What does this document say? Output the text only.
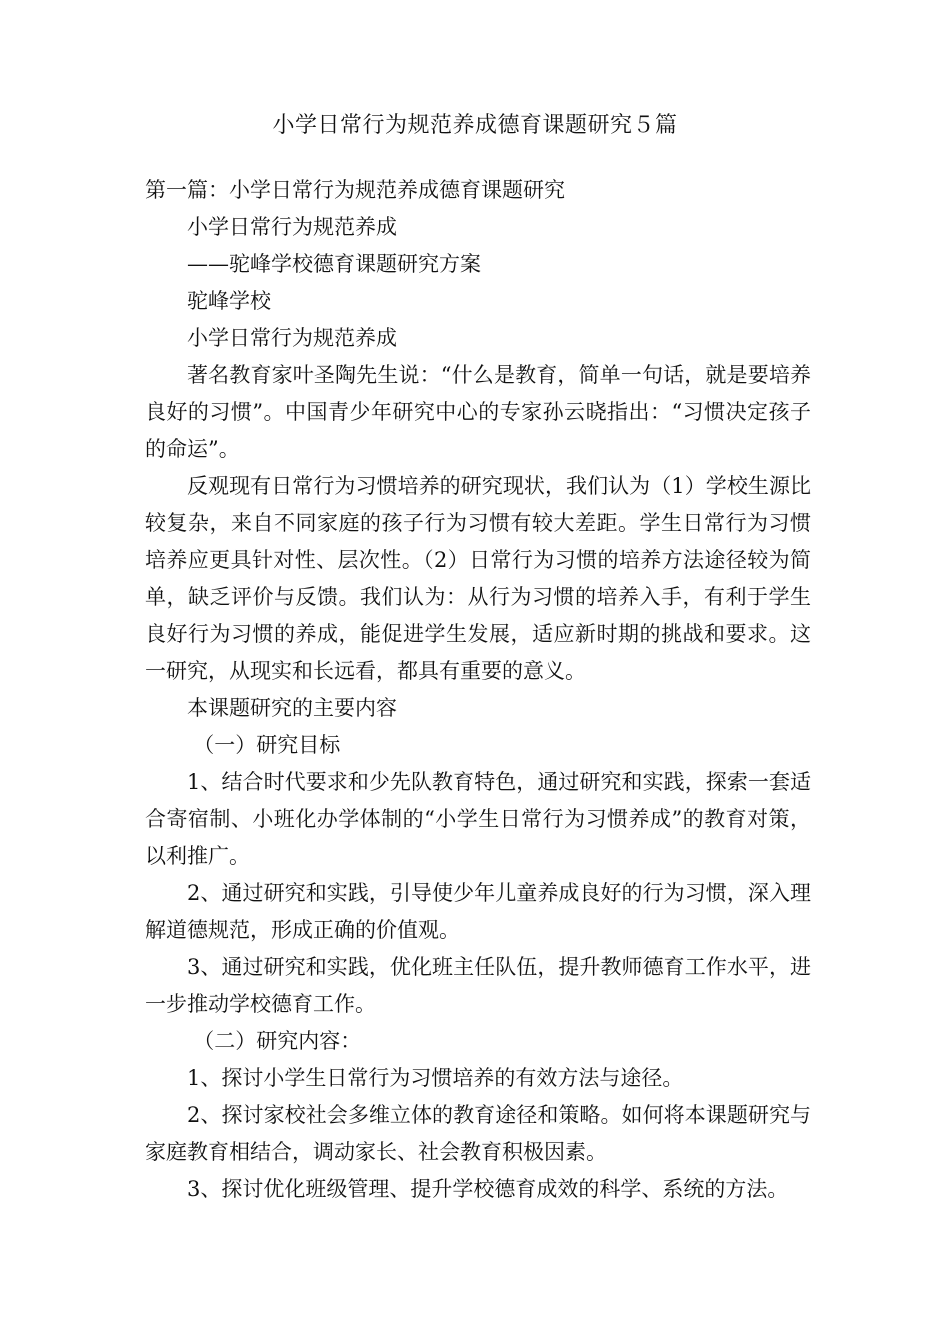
小学日常行为规范养成德育课题研究５篇

第一篇：小学日常行为规范养成德育课题研究

小学日常行为规范养成

——驼峰学校德育课题研究方案

驼峰学校

小学日常行为规范养成

著名教育家叶圣陶先生说：“什么是教育，简单一句话，就是要培养良好的习惯”。中国青少年研究中心的专家孙云晓指出：“习惯决定孩子的命运”。

反观现有日常行为习惯培养的研究现状，我们认为（1）学校生源比较复杂，来自不同家庭的孩子行为习惯有较大差距。学生日常行为习惯培养应更具针对性、层次性。（2）日常行为习惯的培养方法途径较为简单，缺乏评价与反馈。我们认为：从行为习惯的培养入手，有利于学生良好行为习惯的养成，能促进学生发展，适应新时期的挑战和要求。这一研究，从现实和长远看，都具有重要的意义。

本课题研究的主要内容

（一）研究目标

1、结合时代要求和少先队教育特色，通过研究和实践，探索一套适合寄宿制、小班化办学体制的“小学生日常行为习惯养成”的教育对策，以利推广。

2、通过研究和实践，引导使少年儿童养成良好的行为习惯，深入理解道德规范，形成正确的价值观。

3、通过研究和实践，优化班主任队伍，提升教师德育工作水平，进一步推动学校德育工作。

（二）研究内容：

1、探讨小学生日常行为习惯培养的有效方法与途径。

2、探讨家校社会多维立体的教育途径和策略。如何将本课题研究与家庭教育相结合，调动家长、社会教育积极因素。

3、探讨优化班级管理、提升学校德育成效的科学、系统的方法。
